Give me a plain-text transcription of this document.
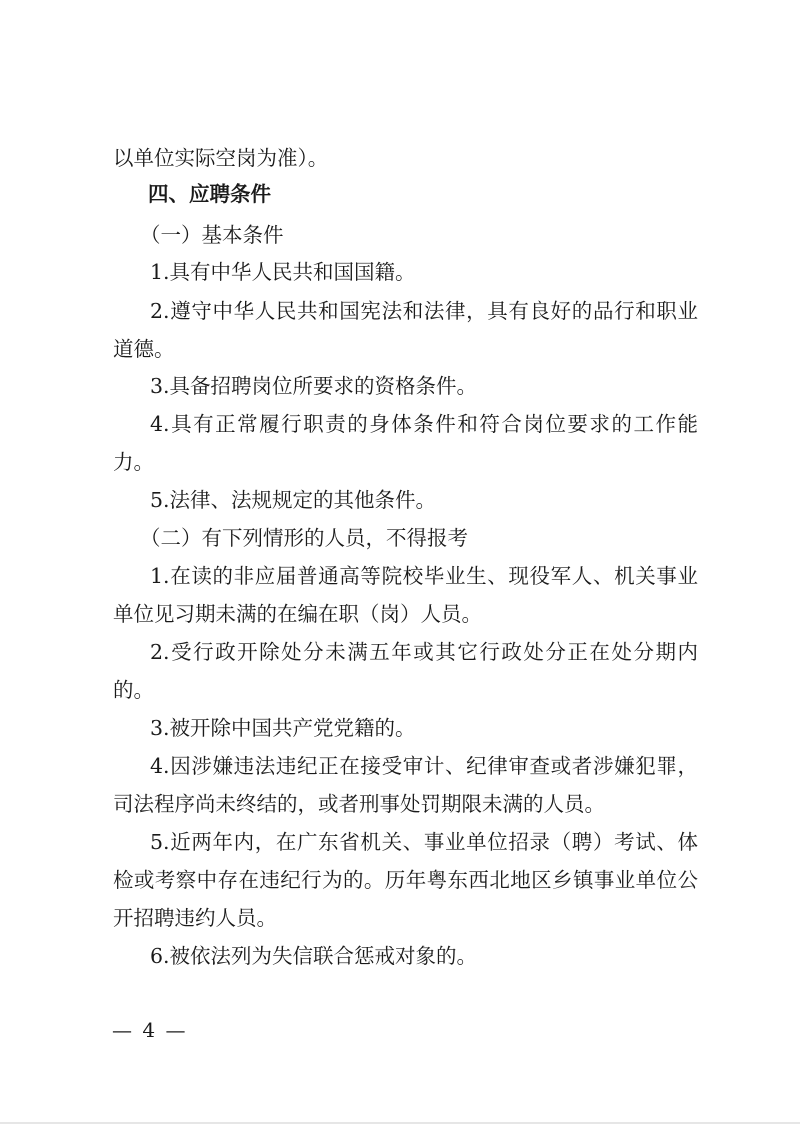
以单位实际空岗为准）。
四、应聘条件
（一）基本条件
1.具有中华人民共和国国籍。
2.遵守中华人民共和国宪法和法律，具有良好的品行和职业
道德。
3.具备招聘岗位所要求的资格条件。
4.具有正常履行职责的身体条件和符合岗位要求的工作能
力。
5.法律、法规规定的其他条件。
（二）有下列情形的人员，不得报考
1.在读的非应届普通高等院校毕业生、现役军人、机关事业
单位见习期未满的在编在职（岗）人员。
2.受行政开除处分未满五年或其它行政处分正在处分期内
的。
3.被开除中国共产党党籍的。
4.因涉嫌违法违纪正在接受审计、纪律审查或者涉嫌犯罪，
司法程序尚未终结的，或者刑事处罚期限未满的人员。
5.近两年内，在广东省机关、事业单位招录（聘）考试、体
检或考察中存在违纪行为的。历年粤东西北地区乡镇事业单位公
开招聘违约人员。
6.被依法列为失信联合惩戒对象的。
— 4 —
